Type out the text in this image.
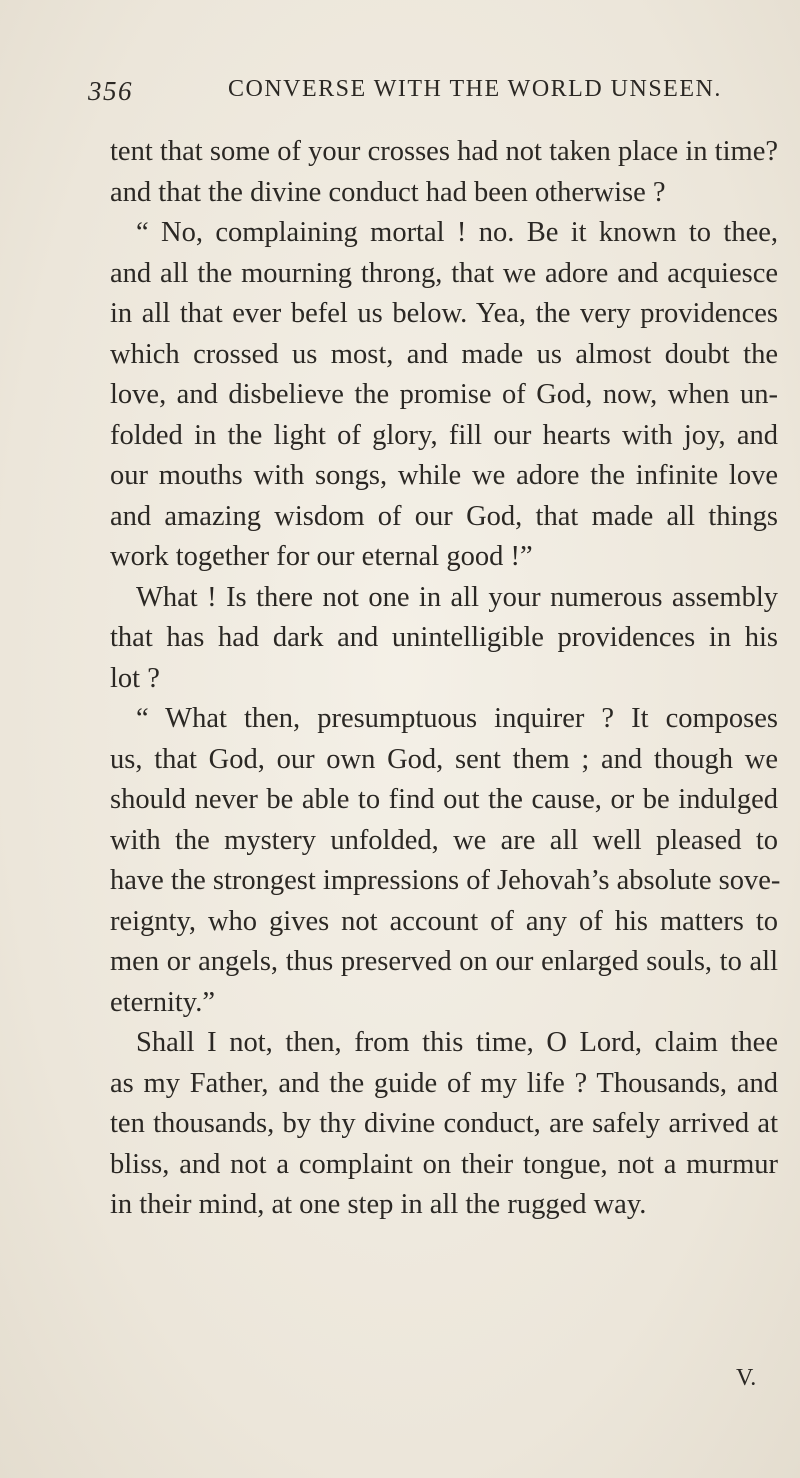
356	CONVERSE WITH THE WORLD UNSEEN.
tent that some of your crosses had not taken place in time?
and that the divine conduct had been otherwise ?
“ No, complaining mortal ! no. Be it known to thee,
and all the mourning throng, that we adore and acquiesce
in all that ever befel us below. Yea, the very providences
which crossed us most, and made us almost doubt the
love, and disbelieve the promise of God, now, when un-
folded in the light of glory, fill our hearts with joy, and
our mouths with songs, while we adore the infinite love
and amazing wisdom of our God, that made all things
work together for our eternal good !”
What ! Is there not one in all your numerous assembly
that has had dark and unintelligible providences in his
lot ?
“ What then, presumptuous inquirer ? It composes
us, that God, our own God, sent them ; and though we
should never be able to find out the cause, or be indulged
with the mystery unfolded, we are all well pleased to
have the strongest impressions of Jehovah’s absolute sove-
reignty, who gives not account of any of his matters to
men or angels, thus preserved on our enlarged souls, to all
eternity.”
Shall I not, then, from this time, O Lord, claim thee
as my Father, and the guide of my life ? Thousands, and
ten thousands, by thy divine conduct, are safely arrived at
bliss, and not a complaint on their tongue, not a murmur
in their mind, at one step in all the rugged way.
V.
